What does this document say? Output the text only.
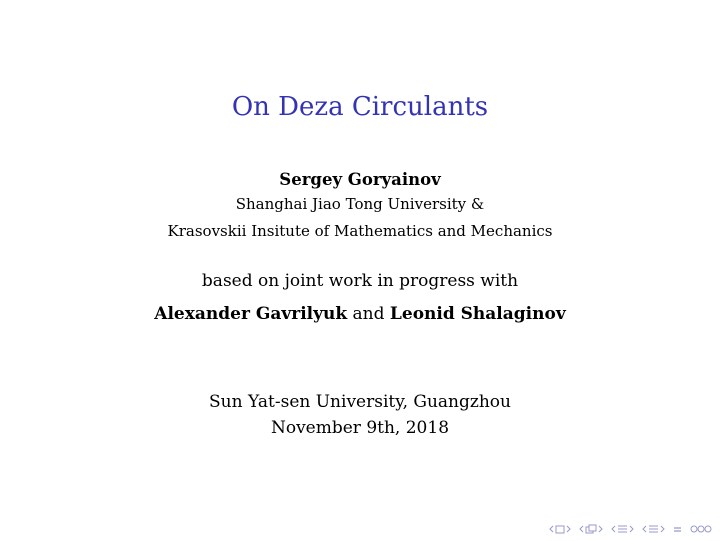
On Deza Circulants
Sergey Goryainov
Shanghai Jiao Tong University &
Krasovskii Insitute of Mathematics and Mechanics
based on joint work in progress with
Alexander Gavrilyuk and Leonid Shalaginov
Sun Yat-sen University, Guangzhou
November 9th, 2018
